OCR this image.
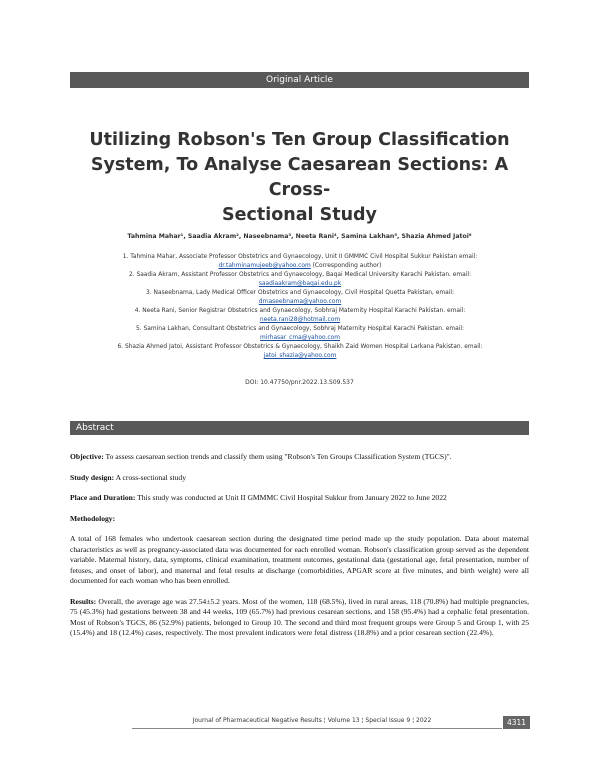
Original Article
Utilizing Robson's Ten Group Classification
System, To Analyse Caesarean Sections: A Cross-
Sectional Study
Tahmina Mahar¹, Saadia Akram², Naseebnama³, Neeta Rani⁴, Samina Lakhan⁵, Shazia Ahmed Jatoi⁶
1. Tahmina Mahar, Associate Professor Obstetrics and Gynaecology, Unit II GMMMC Civil Hospital Sukkur Pakistan email:
dr.tahminamujeeb@yahoo.com (Corresponding author)
2. Saadia Akram, Assistant Professor Obstetrics and Gynaecology, Baqai Medical University Karachi Pakistan. email:
saadiaakram@baqai.edu.pk
3. Naseebnama, Lady Medical Officer Obstetrics and Gynaecology, Civil Hospital Quetta Pakistan, email:
drnaseebnama@yahoo.com
4. Neeta Rani, Senior Registrar Obstetrics and Gynaecology, Sobhraj Maternity Hospital Karachi Pakistan. email:
neeta.rani28@hotmail.com
5. Samina Lakhan, Consultant Obstetrics and Gynaecology, Sobhraj Maternity Hospital Karachi Pakistan. email:
mirhasar_cma@yahoo.com
6. Shazia Ahmed Jatoi, Assistant Professor Obstetrics & Gynaecology, Shaikh Zaid Women Hospital Larkana Pakistan. email:
jatoi_shazia@yahoo.com
DOI: 10.47750/pnr.2022.13.S09.537
Abstract

Objective: To assess caesarean section trends and classify them using "Robson's Ten Groups Classification System (TGCS)".

Study design: A cross-sectional study

Place and Duration: This study was conducted at Unit II GMMMC Civil Hospital Sukkur from January 2022 to June 2022

Methodology:

A total of 168 females who undertook caesarean section during the designated time period made up the study population. Data about maternal characteristics as well as pregnancy-associated data was documented for each enrolled woman. Robson's classification group served as the dependent variable. Maternal history, data, symptoms, clinical examination, treatment outcomes, gestational data (gestational age, fetal presentation, number of fetuses, and onset of labor), and maternal and fetal results at discharge (comorbidities, APGAR score at five minutes, and birth weight) were all documented for each woman who has been enrolled.

Results: Overall, the average age was 27.54±5.2 years. Most of the women, 118 (68.5%), lived in rural areas, 118 (70.8%) had multiple pregnancies, 75 (45.3%) had gestations between 38 and 44 weeks, 109 (65.7%) had previous cesarean sections, and 158 (95.4%) had a cephalic fetal presentation. Most of Robson's TGCS, 86 (52.9%) patients, belonged to Group 10. The second and third most frequent groups were Group 5 and Group 1, with 25 (15.4%) and 18 (12.4%) cases, respectively. The most prevalent indicators were fetal distress (18.8%) and a prior cesarean section (22.4%).

Journal of Pharmaceutical Negative Results ¦ Volume 13 ¦ Special Issue 9 ¦ 2022	4311
